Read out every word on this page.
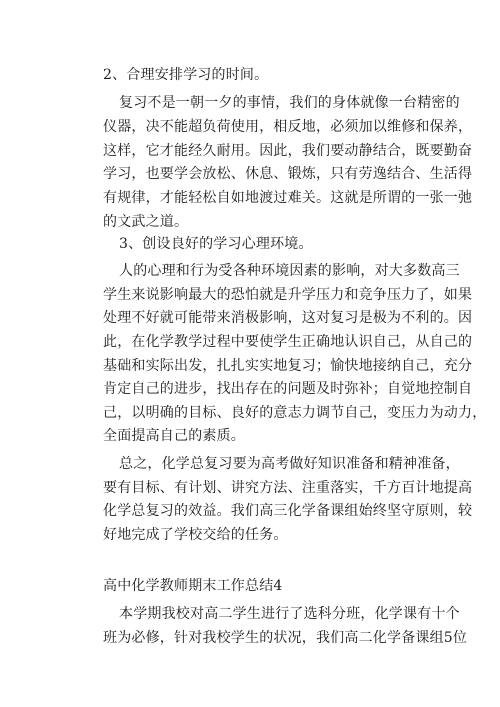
2、合理安排学习的时间。
复习不是一朝一夕的事情，我们的身体就像一台精密的
仪器，决不能超负荷使用，相反地，必须加以维修和保养，
这样，它才能经久耐用。因此，我们要动静结合，既要勤奋
学习，也要学会放松、休息、锻炼，只有劳逸结合、生活得
有规律，才能轻松自如地渡过难关。这就是所谓的一张一弛
的文武之道。
3、创设良好的学习心理环境。
人的心理和行为受各种环境因素的影响，对大多数高三
学生来说影响最大的恐怕就是升学压力和竞争压力了，如果
处理不好就可能带来消极影响，这对复习是极为不利的。因
此，在化学教学过程中要使学生正确地认识自己，从自己的
基础和实际出发，扎扎实实地复习；愉快地接纳自己，充分
肯定自己的进步，找出存在的问题及时弥补；自觉地控制自
己，以明确的目标、良好的意志力调节自己，变压力为动力，
全面提高自己的素质。
总之，化学总复习要为高考做好知识准备和精神准备，
要有目标、有计划、讲究方法、注重落实，千方百计地提高
化学总复习的效益。我们高三化学备课组始终坚守原则，较
好地完成了学校交给的任务。
高中化学教师期末工作总结4
本学期我校对高二学生进行了选科分班，化学课有十个
班为必修，针对我校学生的状况，我们高二化学备课组5位
